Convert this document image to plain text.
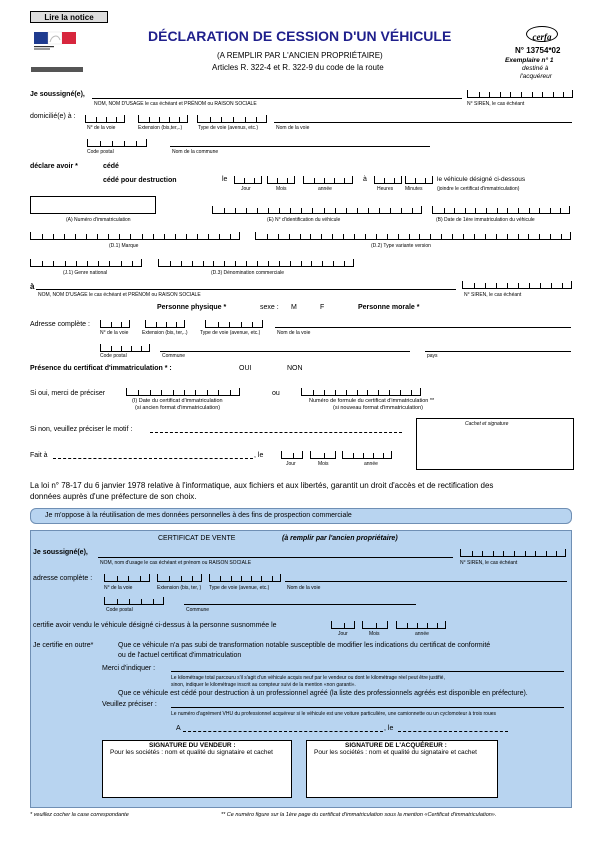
Lire la notice
DÉCLARATION DE CESSION D'UN VÉHICULE
(A REMPLIR PAR L'ANCIEN PROPRIÉTAIRE)
Articles R. 322-4 et R. 322-9 du code de la route
cerfa
N° 13754*02
Exemplaire n° 1
destiné à
l'acquéreur
Je soussigné(e),
NOM, NOM D'USAGE le cas échéant et PRÉNOM ou RAISON SOCIALE	N° SIREN, le cas échéant
domicilié(e) à :
N° de la voie	Extension (bis,ter,..)	Type de voie (avenus, etc.)	Nom de la voie
Code postal	Nom de la commune
déclare avoir *	cédé
cédé pour destruction	le
Jour	Mois	année
à
Heures Minutes
le véhicule désigné ci-dessous
(joindre le certificat d'immatriculation)
(A) Numéro d'immatriculation	(E) N° d'identification du véhicule	(B) Date de 1ère immatriculation du véhicule
(D.1) Marque	(D.2) Type variante version
(J.1) Genre national	(D.3) Dénomination commerciale
à
NOM, NOM D'USAGE le cas échéant et PRÉNOM ou RAISON SOCIALE	N° SIREN, le cas échéant
Personne physique *	sexe : M	F	Personne morale *
Adresse complète :
N° de la voie	Extension (bis, ter,..) Type de voie (avenue, etc.)	Nom de la voie
Code postal	Commune	pays
Présence du certificat d'immatriculation * :	OUI	NON
Si oui, merci de préciser
(I) Date du certificat d'immatriculation
(si ancien format d'immatriculation)
ou
Numéro de formule du certificat d'immatriculation **
(si nouveau format d'immatriculation)
Cachet et signature
Si non, veuillez préciser le motif :
Fait à	, le
Jour	Mois	année
La loi n° 78-17 du 6 janvier 1978 relative à l'informatique, aux fichiers et aux libertés, garantit un droit d'accès et de rectification des
données auprès d'une préfecture de son choix.
Je m'oppose à la réutilisation de mes données personnelles à des fins de prospection commerciale
CERTIFICAT DE VENTE	(à remplir par l'ancien propriétaire)
Je soussigné(e),
NOM, nom d'usage le cas échéant et prénom ou RAISON SOCIALE	N° SIREN, le cas échéant
adresse complète :
N° de la voie	Extension (bis, ter, ) Type de voie (avenue, etc.)	Nom de la voie
Code postal	Commune
certifie avoir vendu le véhicule désigné ci-dessus à la personne susnommée le
Jour	Mois	année
Je certifie en outre*	Que ce véhicule n'a pas subi de transformation notable susceptible de modifier les indications du certificat de conformité
ou de l'actuel certificat d'immatriculation
Merci d'indiquer :
Le kilométrage total parcouru s'il s'agit d'un véhicule acquis neuf par le vendeur ou dont le kilométrage réel peut être justifié,
sinon, indiquer le kilométrage inscrit au compteur suivi de la mention «non garanti».
Que ce véhicule est cédé pour destruction à un professionnel agréé (la liste des professionnels agréés est disponible en préfecture).
Veuillez préciser :
Le numéro d'agrément VHU du professionnel acquéreur si le véhicule est une voiture particulière, une camionnette ou un cyclomoteur à trois roues
A	, le
SIGNATURE DU VENDEUR :
Pour les sociétés : nom et qualité du signataire et cachet
SIGNATURE DE L'ACQUÉREUR :
Pour les sociétés : nom et qualité du signataire et cachet
* veuillez cocher la case correspondante	** Ce numéro figure sur la 1ère page du certificat d'immatriculation sous la mention «Certificat d'immatriculation».
